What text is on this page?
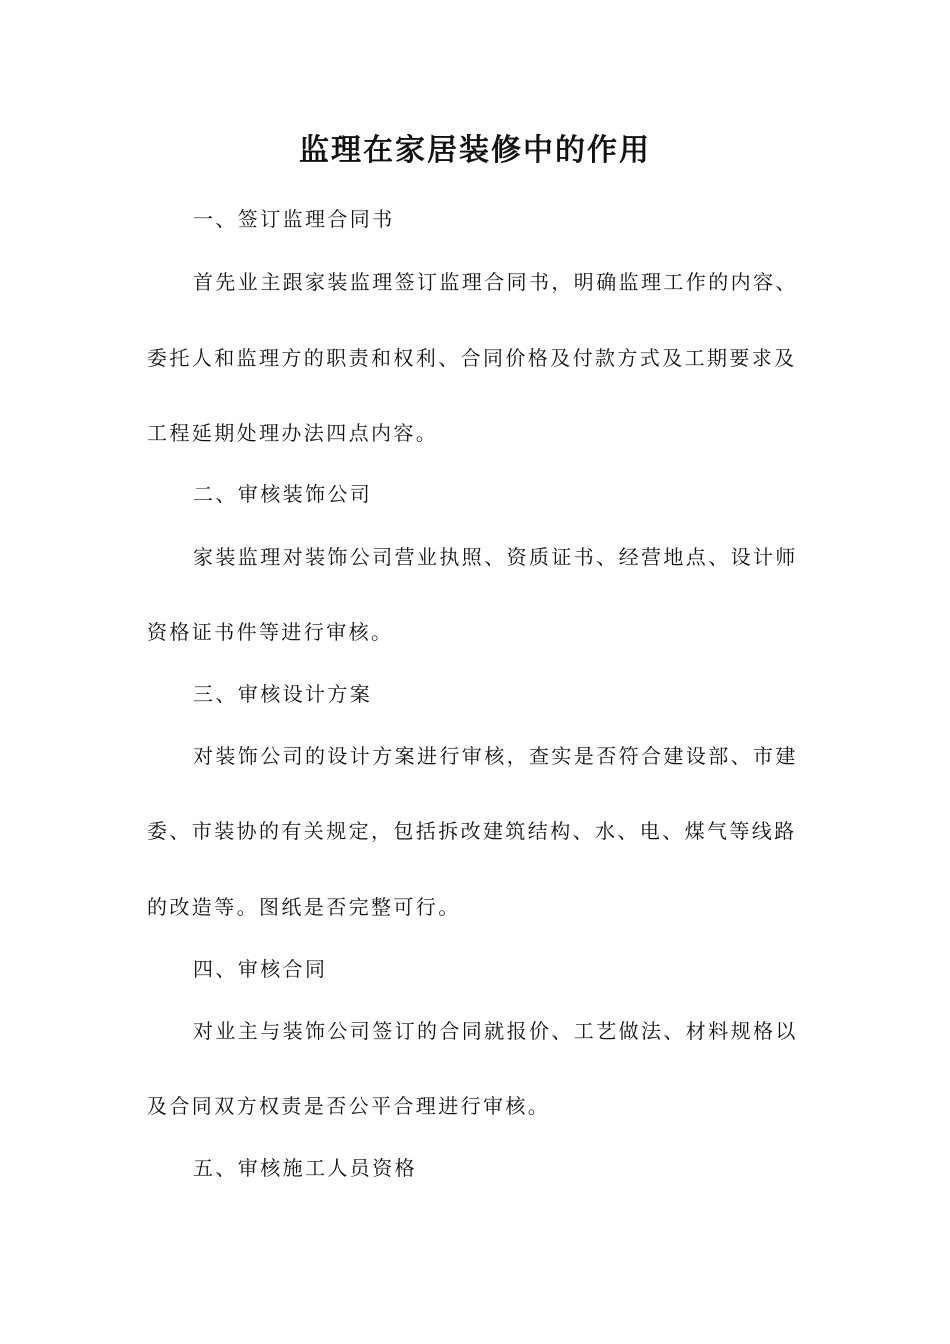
监理在家居装修中的作用
一、签订监理合同书
首先业主跟家装监理签订监理合同书，明确监理工作的内容、
委托人和监理方的职责和权利、合同价格及付款方式及工期要求及
工程延期处理办法四点内容。
二、审核装饰公司
家装监理对装饰公司营业执照、资质证书、经营地点、设计师
资格证书件等进行审核。
三、审核设计方案
对装饰公司的设计方案进行审核，查实是否符合建设部、市建
委、市装协的有关规定，包括拆改建筑结构、水、电、煤气等线路
的改造等。图纸是否完整可行。
四、审核合同
对业主与装饰公司签订的合同就报价、工艺做法、材料规格以
及合同双方权责是否公平合理进行审核。
五、审核施工人员资格
